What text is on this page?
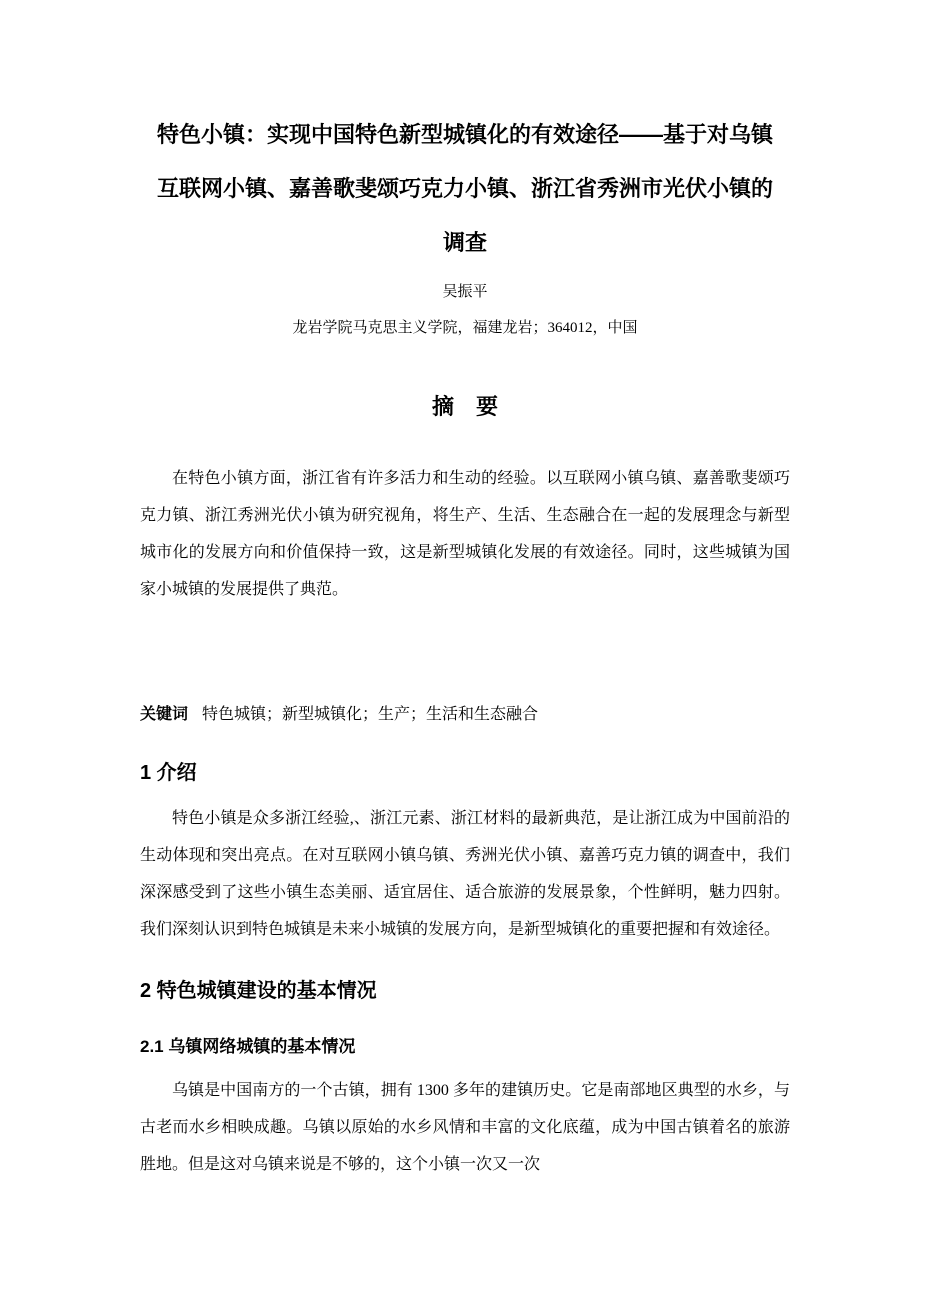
特色小镇：实现中国特色新型城镇化的有效途径——基于对乌镇
互联网小镇、嘉善歌斐颂巧克力小镇、浙江省秀洲市光伏小镇的
调查
吴振平
龙岩学院马克思主义学院，福建龙岩；364012，中国
摘　要

在特色小镇方面，浙江省有许多活力和生动的经验。以互联网小镇乌镇、嘉善歌斐颂巧克力镇、浙江秀洲光伏小镇为研究视角，将生产、生活、生态融合在一起的发展理念与新型城市化的发展方向和价值保持一致，这是新型城镇化发展的有效途径。同时，这些城镇为国家小城镇的发展提供了典范。

关键词 特色城镇；新型城镇化；生产；生活和生态融合
1 介绍

特色小镇是众多浙江经验,、浙江元素、浙江材料的最新典范，是让浙江成为中国前沿的生动体现和突出亮点。在对互联网小镇乌镇、秀洲光伏小镇、嘉善巧克力镇的调查中，我们深深感受到了这些小镇生态美丽、适宜居住、适合旅游的发展景象，个性鲜明，魅力四射。我们深刻认识到特色城镇是未来小城镇的发展方向，是新型城镇化的重要把握和有效途径。

2 特色城镇建设的基本情况
2.1 乌镇网络城镇的基本情况

乌镇是中国南方的一个古镇，拥有 1300 多年的建镇历史。它是南部地区典型的水乡，与古老而水乡相映成趣。乌镇以原始的水乡风情和丰富的文化底蕴，成为中国古镇着名的旅游胜地。但是这对乌镇来说是不够的，这个小镇一次又一次
